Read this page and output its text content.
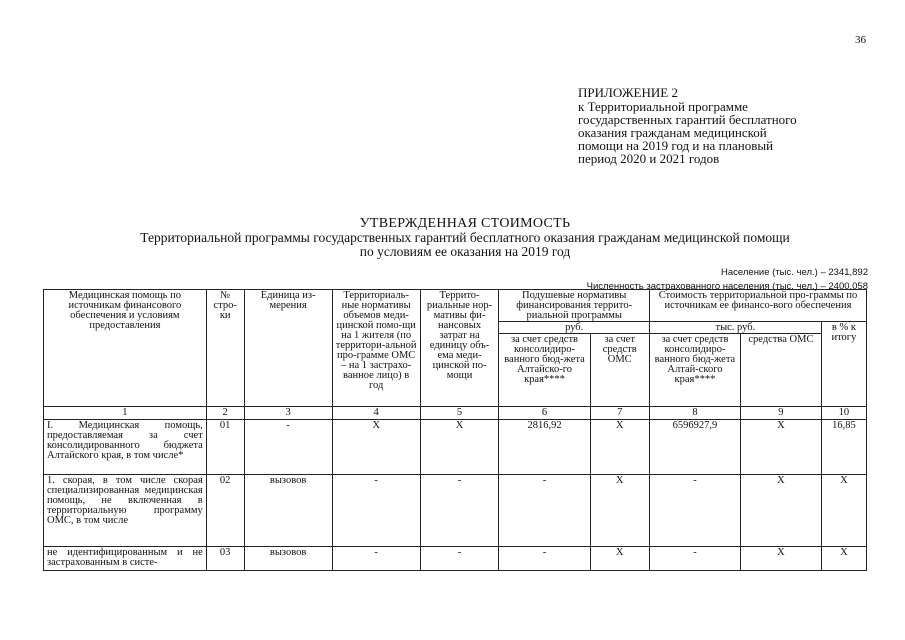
36
ПРИЛОЖЕНИЕ 2
к Территориальной программе
государственных гарантий бесплатного
оказания гражданам медицинской
помощи на 2019 год и на плановый
период 2020 и 2021 годов
УТВЕРЖДЕННАЯ СТОИМОСТЬ
Территориальной программы государственных гарантий бесплатного оказания гражданам медицинской помощи
по условиям ее оказания на 2019 год
Население (тыс. чел.) – 2341,892
Численность застрахованного населения (тыс. чел.) – 2400,058
Медицинская помощь по источникам финансового обеспечения и условиям предоставления	№ стро-ки	Единица из-мерения	Территориаль-ные нормативы объемов меди-цинской помо-щи на 1 жителя (по территори-альной про-грамме ОМС – на 1 застрахо-ванное лицо) в год	Террито-риальные нор-мативы фи-нансовых затрат на единицу объ-ема меди-цинской по-мощи	Подушевые нормативы финансирования террито-риальной программы		Стоимость территориальной про-граммы по источникам ее финансо-вого обеспечения		
					руб.		тыс. руб.		в % к итогу
					за счет средств консолидиро-ванного бюд-жета Алтайско-го края****	за счет средств ОМС	за счет средств консолидиро-ванного бюд-жета Алтай-ского края****	средства ОМС	
1	2	3	4	5	6	7	8	9	10
I. Медицинская помощь, предоставляемая за счет консолидированного бюджета Алтайского края, в том числе*	01	-	Х	Х	2816,92	Х	6596927,9	Х	16,85
1. скорая, в том числе скорая специализированная медицинская помощь, не включенная в территориальную программу ОМС, в том числе	02	вызовов	-	-	-	Х	-	Х	Х
не идентифицированным и не застрахованным в систе-	03	вызовов	-	-	-	Х	-	Х	Х
